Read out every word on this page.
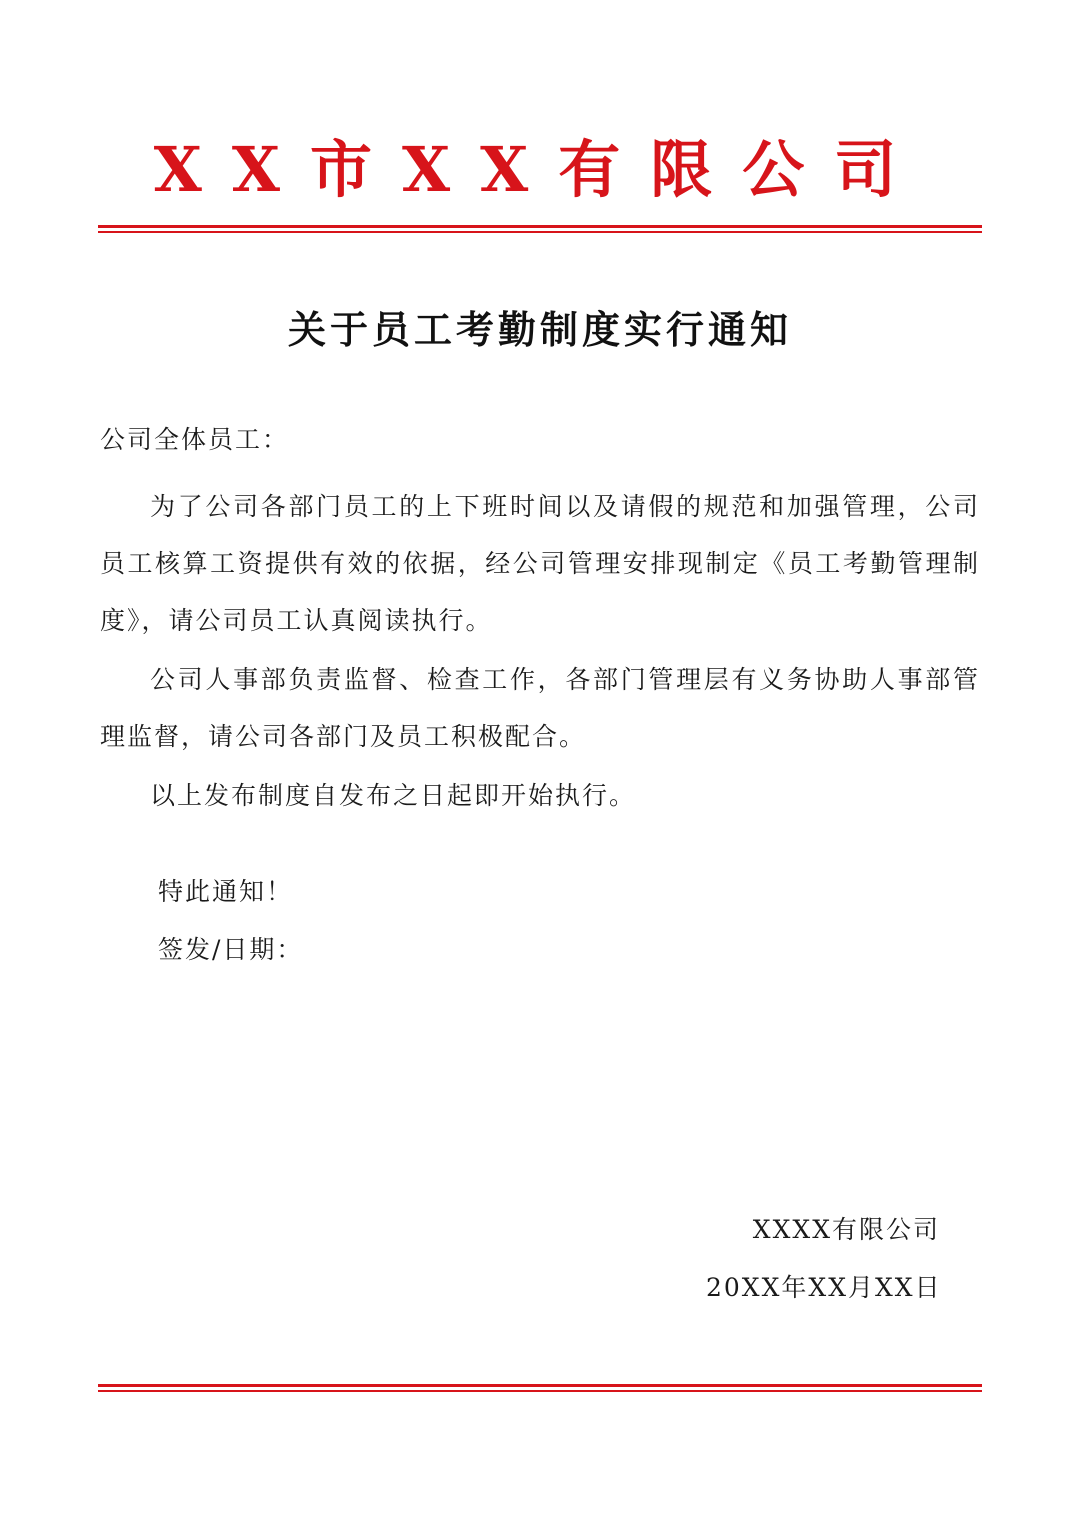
XX市XX有限公司
关于员工考勤制度实行通知
公司全体员工：

为了公司各部门员工的上下班时间以及请假的规范和加强管理，公司员工核算工资提供有效的依据，经公司管理安排现制定《员工考勤管理制度》，请公司员工认真阅读执行。

公司人事部负责监督、检查工作，各部门管理层有义务协助人事部管理监督，请公司各部门及员工积极配合。

以上发布制度自发布之日起即开始执行。

特此通知！
签发/日期：
XXXX有限公司
20XX年XX月XX日
